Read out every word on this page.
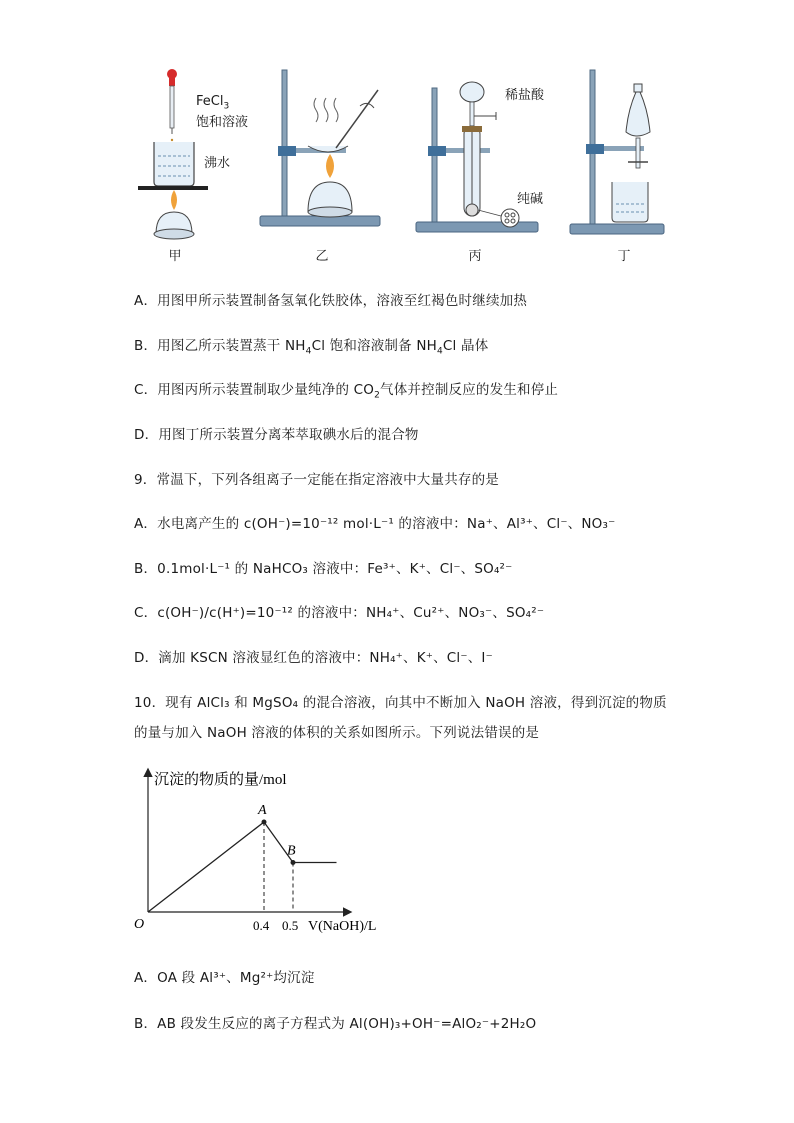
FeCl$_3$
饱和溶液
沸水
稀盐酸
纯碱
甲	乙	丙	丁
A．用图甲所示装置制备氢氧化铁胶体，溶液至红褐色时继续加热
B．用图乙所示装置蒸干 $NH_4Cl$ 饱和溶液制备 $NH_4Cl$ 晶体
C．用图丙所示装置制取少量纯净的 $CO_2$气体并控制反应的发生和停止
D．用图丁所示装置分离苯萃取碘水后的混合物
9．常温下，下列各组离子一定能在指定溶液中大量共存的是
A．水电离产生的 c(OH⁻)=10⁻¹² mol·L⁻¹ 的溶液中：Na⁺、Al³⁺、Cl⁻、NO₃⁻
B．0.1mol·L⁻¹ 的 NaHCO₃ 溶液中：Fe³⁺、K⁺、Cl⁻、SO₄²⁻
C．c(OH⁻)/c(H⁺)=10⁻¹² 的溶液中：NH₄⁺、Cu²⁺、NO₃⁻、SO₄²⁻
D．滴加 KSCN 溶液显红色的溶液中：NH₄⁺、K⁺、Cl⁻、I⁻
10．现有 AlCl₃ 和 MgSO₄ 的混合溶液，向其中不断加入 NaOH 溶液，得到沉淀的物质
的量与加入 NaOH 溶液的体积的关系如图所示。下列说法错误的是
沉淀的物质的量/mol
V(NaOH)/L
O
A
B
0.4 0.5
A．OA 段 Al³⁺、Mg²⁺均沉淀
B．AB 段发生反应的离子方程式为 Al(OH)₃+OH⁻=AlO₂⁻+2H₂O
